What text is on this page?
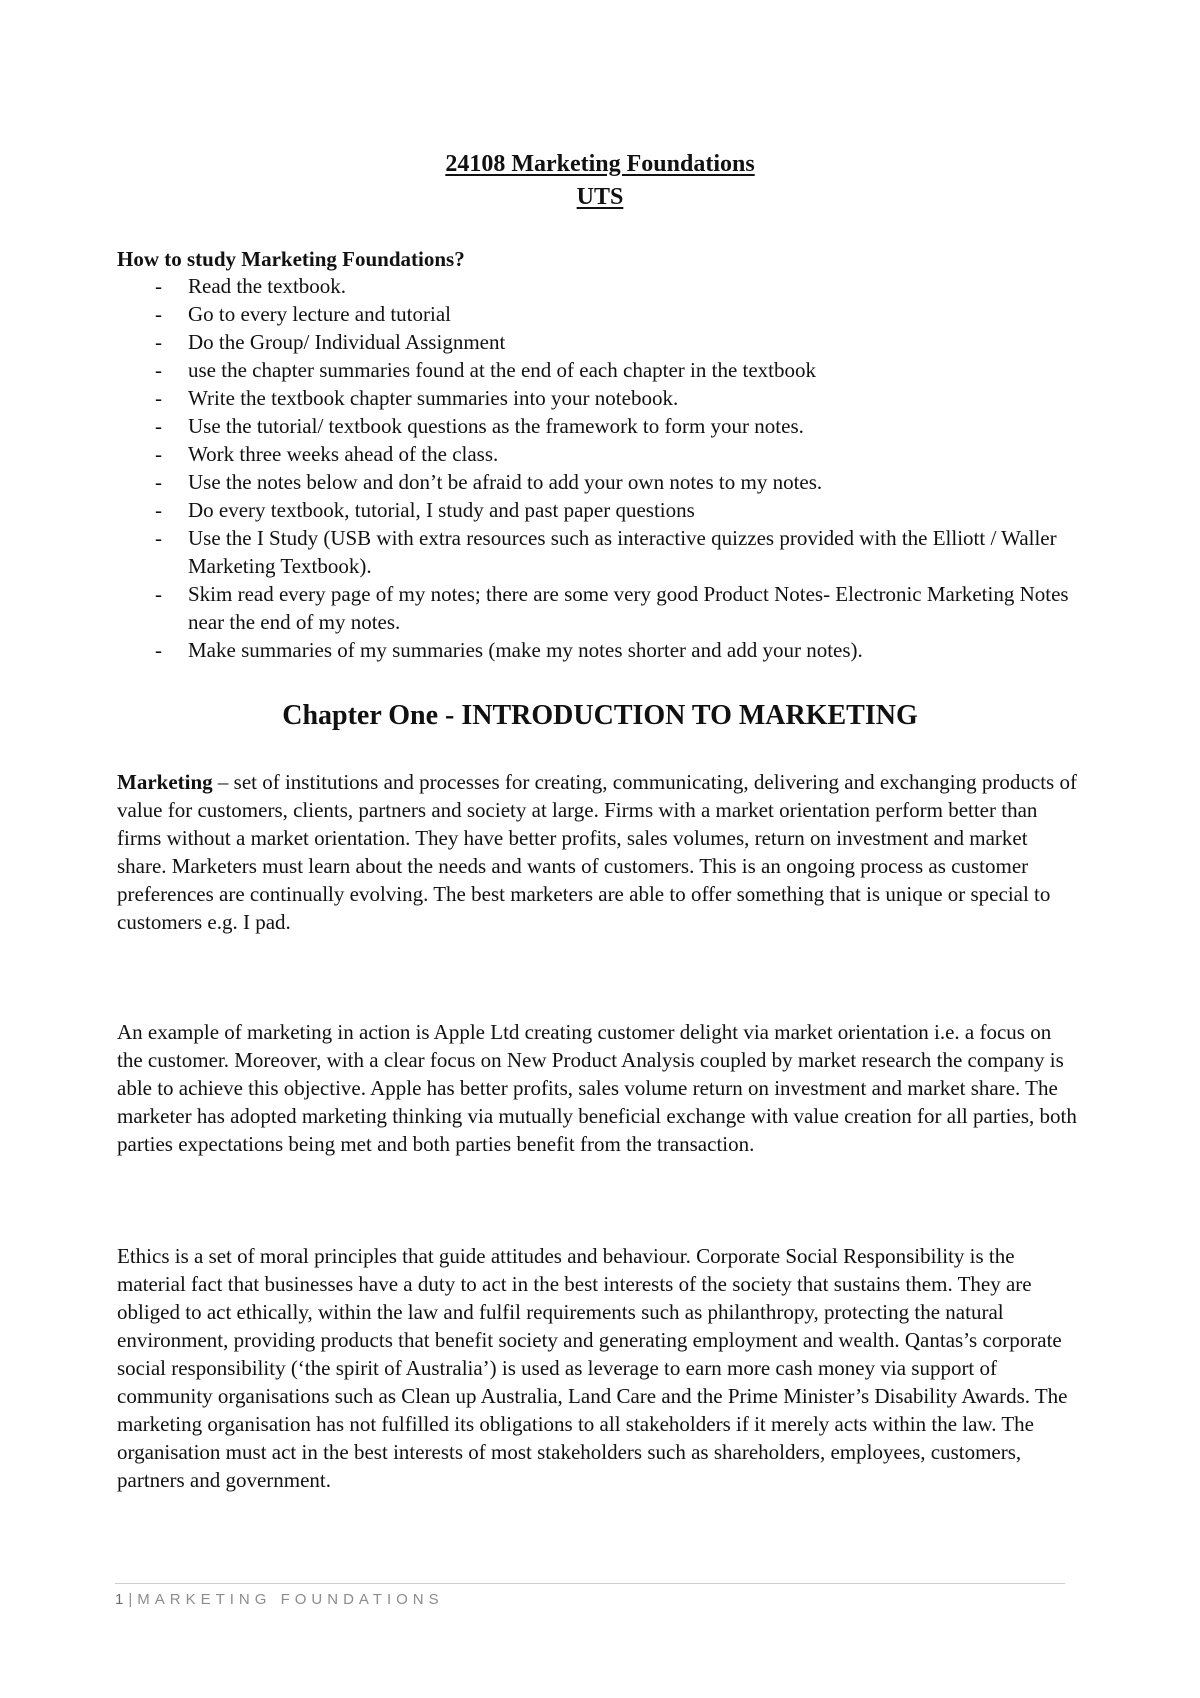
24108 Marketing Foundations
UTS
How to study Marketing Foundations?
- Read the textbook.
- Go to every lecture and tutorial
- Do the Group/ Individual Assignment
- use the chapter summaries found at the end of each chapter in the textbook
- Write the textbook chapter summaries into your notebook.
- Use the tutorial/ textbook questions as the framework to form your notes.
- Work three weeks ahead of the class.
- Use the notes below and don’t be afraid to add your own notes to my notes.
- Do every textbook, tutorial, I study and past paper questions
- Use the I Study (USB with extra resources such as interactive quizzes provided with the Elliott / Waller Marketing Textbook).
- Skim read every page of my notes; there are some very good Product Notes- Electronic Marketing Notes near the end of my notes.
- Make summaries of my summaries (make my notes shorter and add your notes).
Chapter One - INTRODUCTION TO MARKETING

Marketing – set of institutions and processes for creating, communicating, delivering and exchanging products of value for customers, clients, partners and society at large. Firms with a market orientation perform better than firms without a market orientation. They have better profits, sales volumes, return on investment and market share. Marketers must learn about the needs and wants of customers. This is an ongoing process as customer preferences are continually evolving. The best marketers are able to offer something that is unique or special to customers e.g. I pad.

An example of marketing in action is Apple Ltd creating customer delight via market orientation i.e. a focus on the customer. Moreover, with a clear focus on New Product Analysis coupled by market research the company is able to achieve this objective. Apple has better profits, sales volume return on investment and market share. The marketer has adopted marketing thinking via mutually beneficial exchange with value creation for all parties, both parties expectations being met and both parties benefit from the transaction.

Ethics is a set of moral principles that guide attitudes and behaviour. Corporate Social Responsibility is the material fact that businesses have a duty to act in the best interests of the society that sustains them. They are obliged to act ethically, within the law and fulfil requirements such as philanthropy, protecting the natural environment, providing products that benefit society and generating employment and wealth. Qantas’s corporate social responsibility (‘the spirit of Australia’) is used as leverage to earn more cash money via support of community organisations such as Clean up Australia, Land Care and the Prime Minister’s Disability Awards. The marketing organisation has not fulfilled its obligations to all stakeholders if it merely acts within the law. The organisation must act in the best interests of most stakeholders such as shareholders, employees, customers, partners and government.

1|MARKETING FOUNDATIONS
